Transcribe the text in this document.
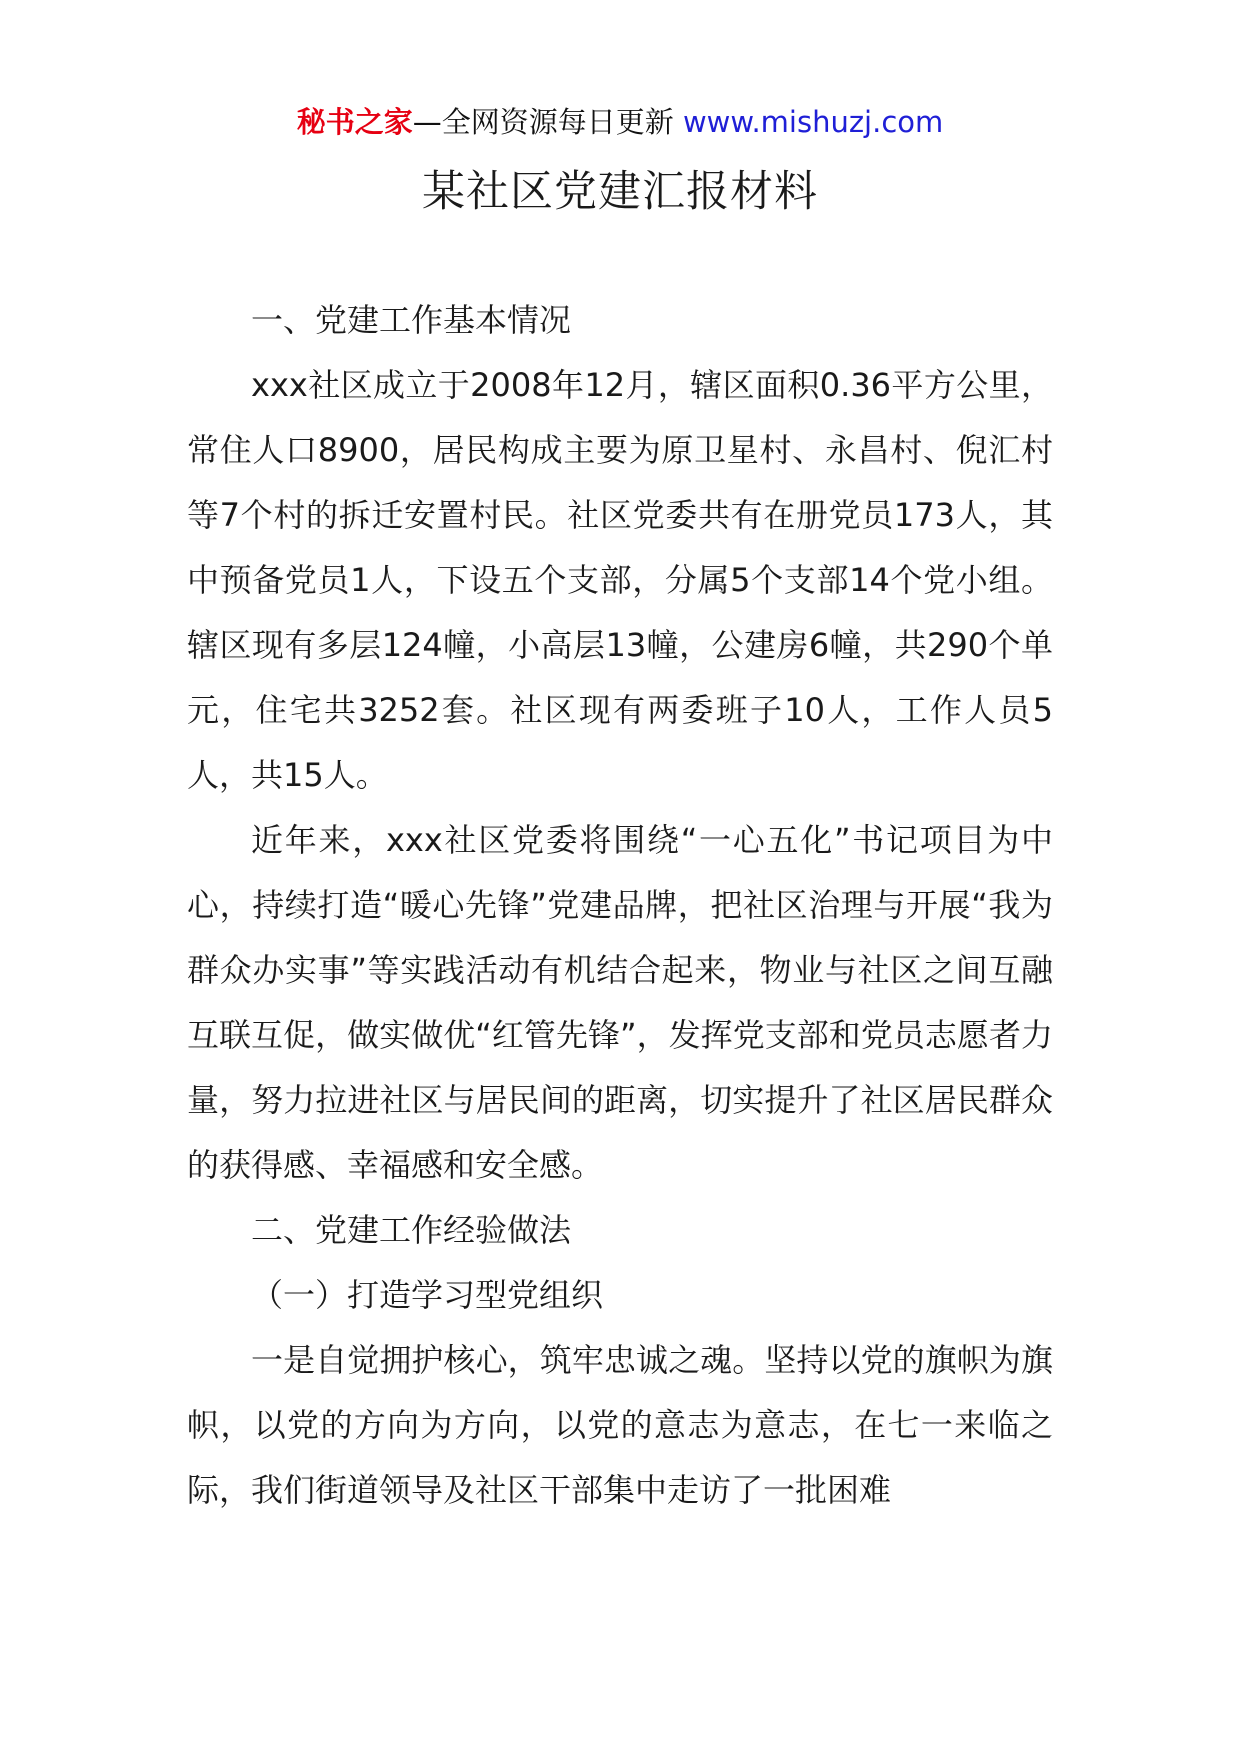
秘书之家—全网资源每日更新 www.mishuzj.com
某社区党建汇报材料
一、党建工作基本情况

xxx社区成立于2008年12月，辖区面积0.36平方公里，常住人口8900，居民构成主要为原卫星村、永昌村、倪汇村等7个村的拆迁安置村民。社区党委共有在册党员173人，其中预备党员1人，下设五个支部，分属5个支部14个党小组。辖区现有多层124幢，小高层13幢，公建房6幢，共290个单元，住宅共3252套。社区现有两委班子10人，工作人员5人，共15人。

近年来，xxx社区党委将围绕“一心五化”书记项目为中心，持续打造“暖心先锋”党建品牌，把社区治理与开展“我为群众办实事”等实践活动有机结合起来，物业与社区之间互融互联互促，做实做优“红管先锋”，发挥党支部和党员志愿者力量，努力拉进社区与居民间的距离，切实提升了社区居民群众的获得感、幸福感和安全感。

二、党建工作经验做法
（一）打造学习型党组织

一是自觉拥护核心，筑牢忠诚之魂。坚持以党的旗帜为旗帜，以党的方向为方向，以党的意志为意志，在七一来临之际，我们街道领导及社区干部集中走访了一批困难
